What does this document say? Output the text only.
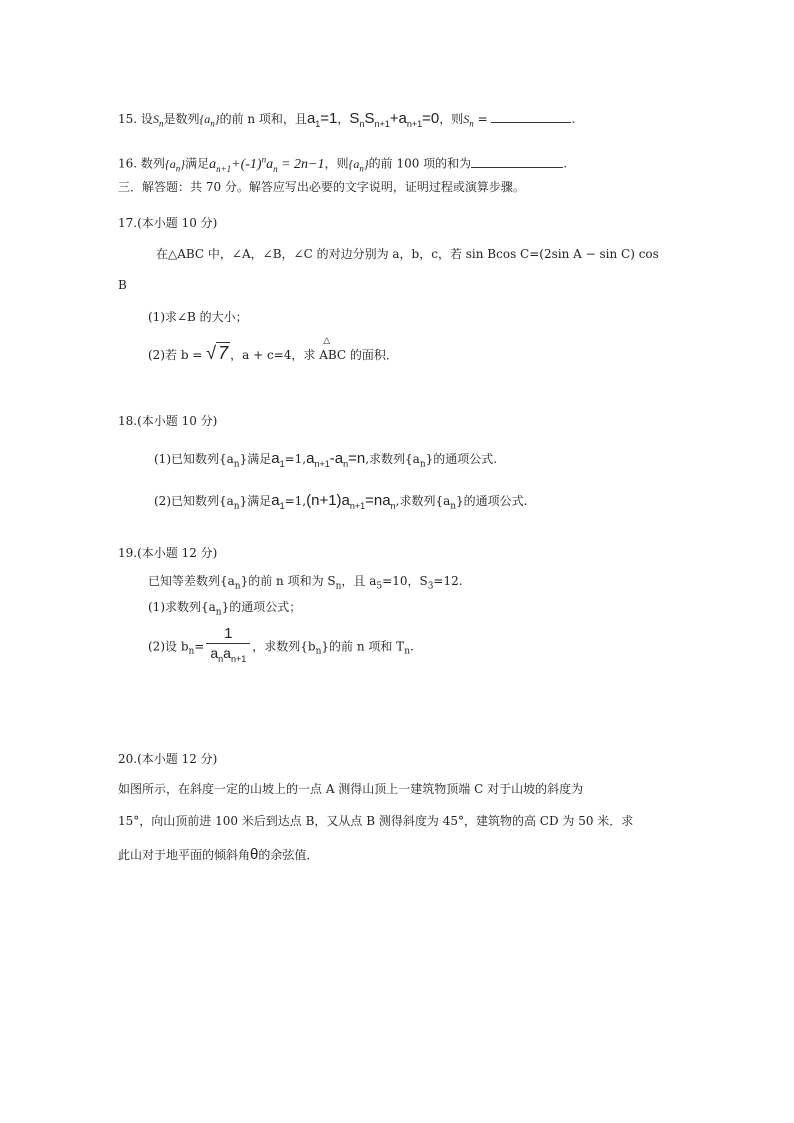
15. 设$S_n$是数列$\{a_n\}$的前 n 项和，且$a_1=1$，$S_nS_{n+1}+a_{n+1}=0$，则$S_n$ =	.
16. 数列$\{a_n\}$满足$a_{n+1}+(-1)^na_n = 2n-1$，则$\{a_n\}$的前 100 项的和为	.
三．解答题：共 70 分。解答应写出必要的文字说明，证明过程或演算步骤。
17.(本小题 10 分)
在△ABC 中，∠A，∠B，∠C 的对边分别为 a，b，c，若 sin Bcos C=(2sin A − sin C) cos
B
(1)求∠B 的大小；
(2)若 b = √ 7 ，a + c=4，求
△
ABC 的面积．
18.(本小题 10 分)
(1)已知数列$\{a_n\}$满足$a_1=1,a_{n+1}-a_n=n$,求数列$\{a_n\}$的通项公式.
(2)已知数列$\{a_n\}$满足$a_1=1,(n+1)a_{n+1}=na_n$,求数列$\{a_n\}$的通项公式.
19.(本小题 12 分)
已知等差数列$\{a_n\}$的前 n 项和为 $S_n$，且 $a_5=10$，$S_3=12$.
(1)求数列$\{a_n\}$的通项公式；
(2)设 $b_n= \frac{1}{a_na_{n+1}}$ ，求数列$\{b_n\}$的前 n 项和 $T_n$.
20.(本小题 12 分)
如图所示，在斜度一定的山坡上的一点 A 测得山顶上一建筑物顶端 C 对于山坡的斜度为
15°，向山顶前进 100 米后到达点 B，又从点 B 测得斜度为 45°，建筑物的高 CD 为 50 米．求
此山对于地平面的倾斜角θ的余弦值．
